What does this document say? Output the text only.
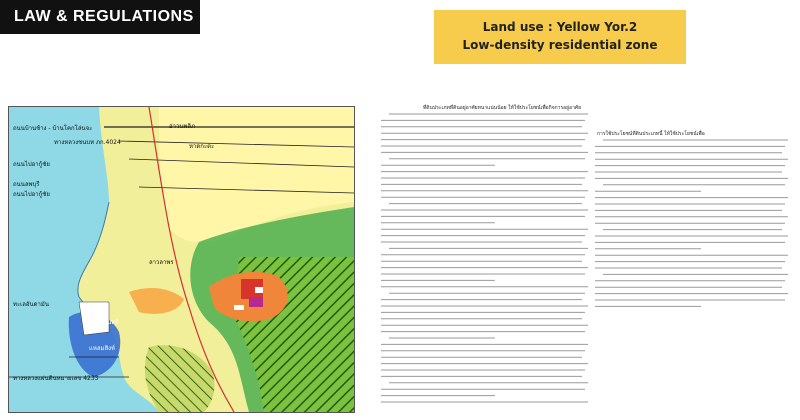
LAW & REGULATIONS
Land use : Yellow Yor.2
Low-density residential zone
ถนนบ้านช้าง - บ้านโคกโล่นจะ
ทางหลวงชนบท ภก.4024
ถนนไปอากู้ชัย
ถนนลพบุรี
ถนนไปอากู้ชัย
อ่าวนพลิภ
หาดกะตะ
ทางหลวงแผ่นดินหมายเลข 4233
ทะเลอันดามัน
หาดสุรินทร์
แหลมสิงห์
ลาวลาพร
ที่ดินประเภทที่ดินอยู่อาศัยหนาแน่นน้อย ให้ใช้ประโยชน์เพื่อกิจการอยู่อาศัย
การใช้ประโยชน์ที่ดินประเภทนี้ ให้ใช้ประโยชน์เพื่อ
